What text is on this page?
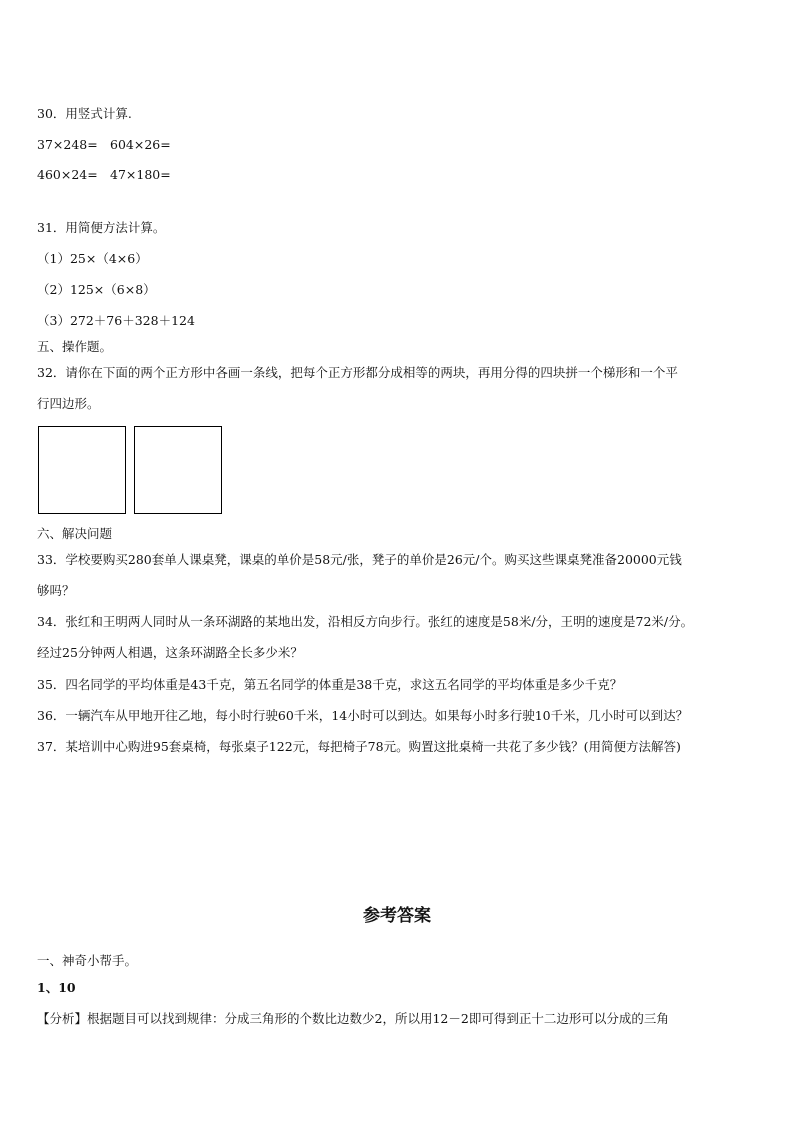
30．用竖式计算.
37×248= 604×26=
460×24= 47×180=
31．用简便方法计算。
（1）25×（4×6）
（2）125×（6×8）
（3）272＋76＋328＋124
五、操作题。
32．请你在下面的两个正方形中各画一条线，把每个正方形都分成相等的两块，再用分得的四块拼一个梯形和一个平
行四边形。
六、解决问题
33．学校要购买280套单人课桌凳，课桌的单价是58元/张，凳子的单价是26元/个。购买这些课桌凳准备20000元钱
够吗？
34．张红和王明两人同时从一条环湖路的某地出发，沿相反方向步行。张红的速度是58米/分，王明的速度是72米/分。
经过25分钟两人相遇，这条环湖路全长多少米？
35．四名同学的平均体重是43千克，第五名同学的体重是38千克，求这五名同学的平均体重是多少千克？
36．一辆汽车从甲地开往乙地，每小时行驶60千米，14小时可以到达。如果每小时多行驶10千米，几小时可以到达？
37．某培训中心购进95套桌椅，每张桌子122元，每把椅子78元。购置这批桌椅一共花了多少钱？(用简便方法解答)
参考答案
一、神奇小帮手。
1、10
【分析】根据题目可以找到规律：分成三角形的个数比边数少2，所以用12－2即可得到正十二边形可以分成的三角
